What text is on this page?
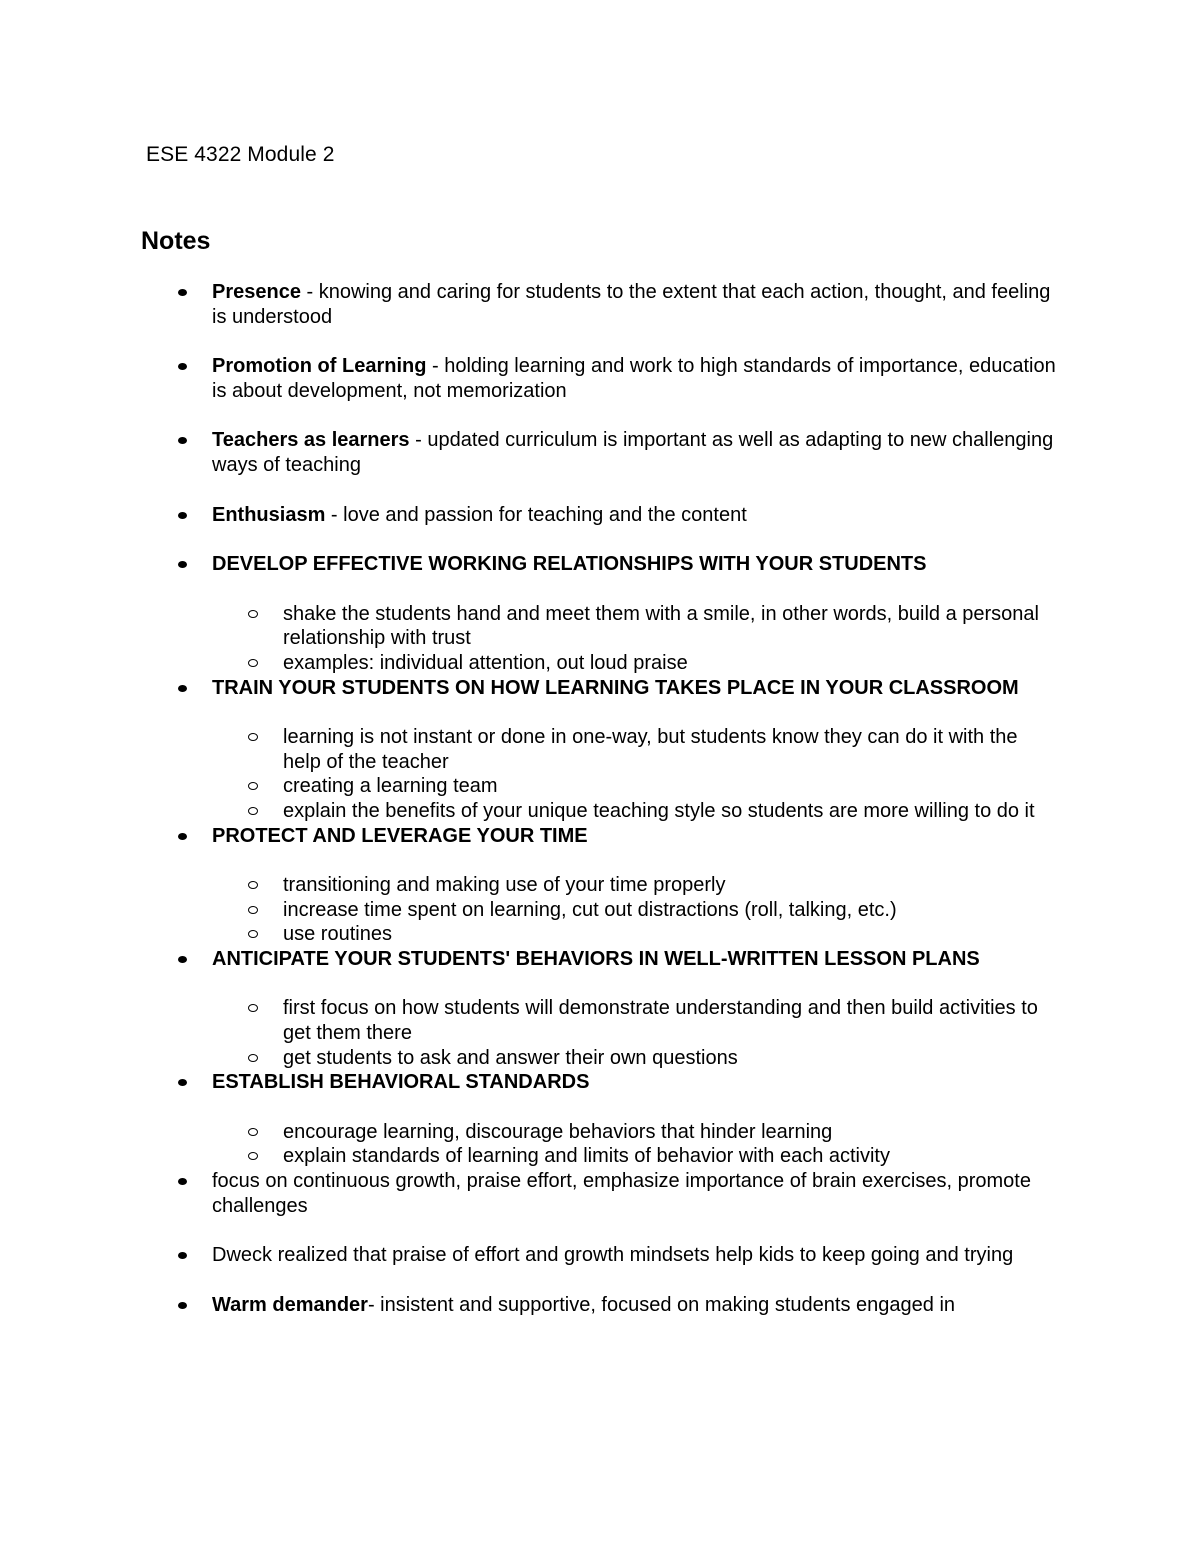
ESE 4322 Module 2
Notes
Presence - knowing and caring for students to the extent that each action, thought, and feeling is understood
Promotion of Learning - holding learning and work to high standards of importance, education is about development, not memorization
Teachers as learners - updated curriculum is important as well as adapting to new challenging ways of teaching
Enthusiasm - love and passion for teaching and the content
DEVELOP EFFECTIVE WORKING RELATIONSHIPS WITH YOUR STUDENTS
shake the students hand and meet them with a smile, in other words, build a personal relationship with trust
examples: individual attention, out loud praise
TRAIN YOUR STUDENTS ON HOW LEARNING TAKES PLACE IN YOUR CLASSROOM
learning is not instant or done in one-way, but students know they can do it with the help of the teacher
creating a learning team
explain the benefits of your unique teaching style so students are more willing to do it
PROTECT AND LEVERAGE YOUR TIME
transitioning and making use of your time properly
increase time spent on learning, cut out distractions (roll, talking, etc.)
use routines
ANTICIPATE YOUR STUDENTS' BEHAVIORS IN WELL-WRITTEN LESSON PLANS
first focus on how students will demonstrate understanding and then build activities to get them there
get students to ask and answer their own questions
ESTABLISH BEHAVIORAL STANDARDS
encourage learning, discourage behaviors that hinder learning
explain standards of learning and limits of behavior with each activity
focus on continuous growth, praise effort, emphasize importance of brain exercises, promote challenges
Dweck realized that praise of effort and growth mindsets help kids to keep going and trying
Warm demander- insistent and supportive, focused on making students engaged in
